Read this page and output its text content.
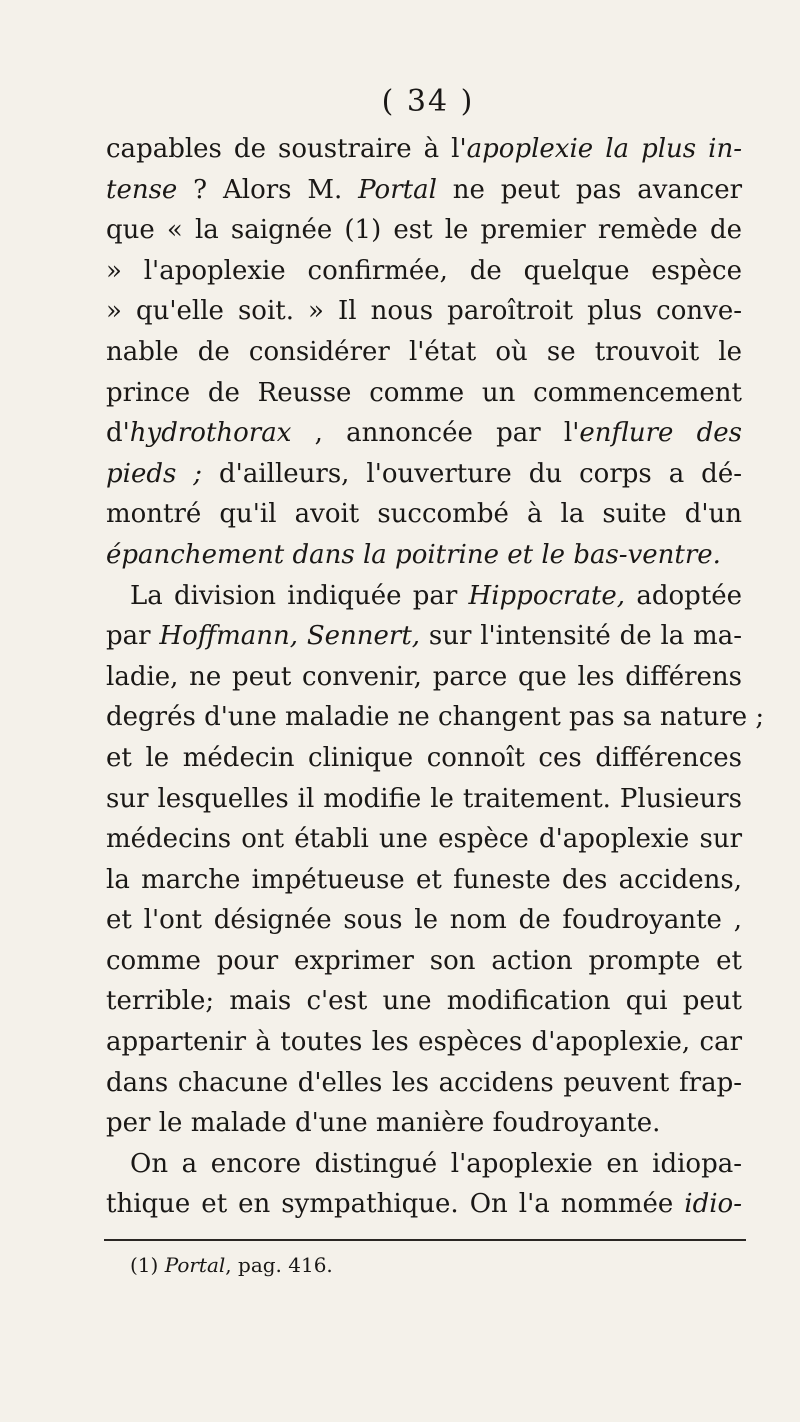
( 34 )
capables de soustraire à l'apoplexie la plus in-
tense ? Alors M. Portal ne peut pas avancer
que « la saignée (1) est le premier remède de
» l'apoplexie confirmée, de quelque espèce
» qu'elle soit. » Il nous paroîtroit plus conve-
nable de considérer l'état où se trouvoit le
prince de Reusse comme un commencement
d'hydrothorax , annoncée par l'enflure des
pieds ; d'ailleurs, l'ouverture du corps a dé-
montré qu'il avoit succombé à la suite d'un
épanchement dans la poitrine et le bas-ventre.
La division indiquée par Hippocrate, adoptée
par Hoffmann, Sennert, sur l'intensité de la ma-
ladie, ne peut convenir, parce que les différens
degrés d'une maladie ne changent pas sa nature ;
et le médecin clinique connoît ces différences
sur lesquelles il modifie le traitement. Plusieurs
médecins ont établi une espèce d'apoplexie sur
la marche impétueuse et funeste des accidens,
et l'ont désignée sous le nom de foudroyante ,
comme pour exprimer son action prompte et
terrible; mais c'est une modification qui peut
appartenir à toutes les espèces d'apoplexie, car
dans chacune d'elles les accidens peuvent frap-
per le malade d'une manière foudroyante.
On a encore distingué l'apoplexie en idiopa-
thique et en sympathique. On l'a nommée idio-
(1) Portal, pag. 416.
